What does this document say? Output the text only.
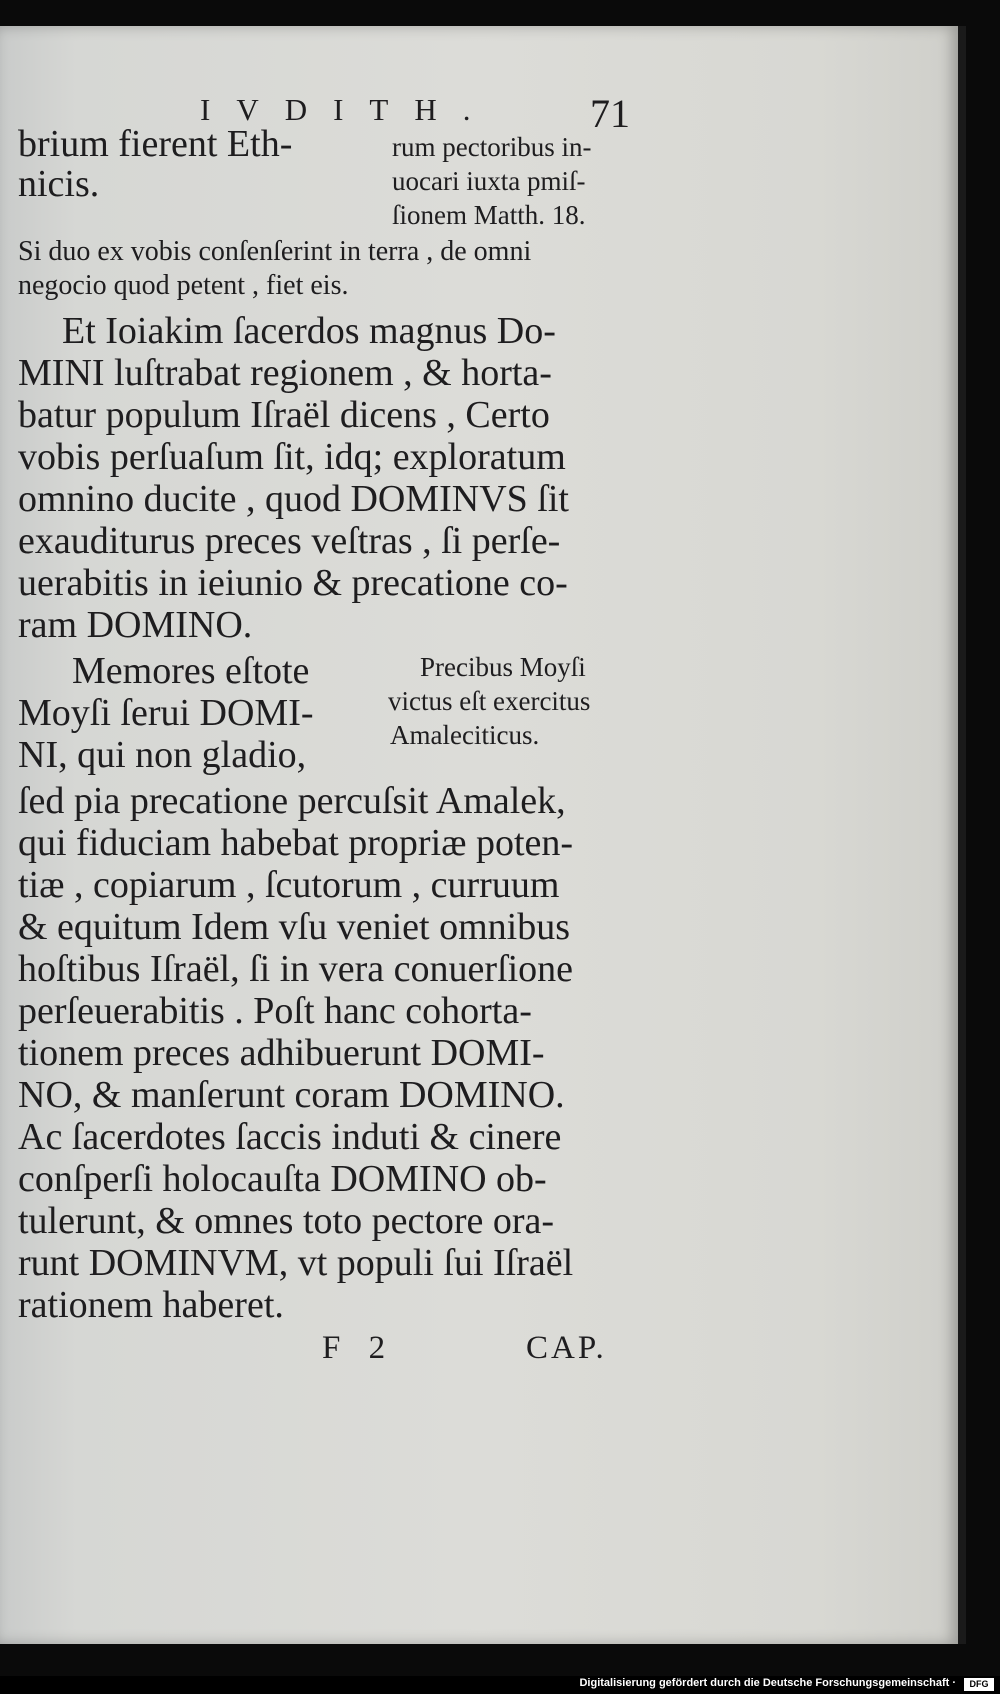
IVDITH. 71
brium fierent Eth-
nicis.
rum pectoribus in-
uocari iuxta pmiſ-
ſionem Matth. 18.
Si duo ex vobis conſenſerint in terra , de omni
negocio quod petent , fiet eis.
Et Ioiakim ſacerdos magnus Do-
MINI luſtrabat regionem , & horta-
batur populum Iſraël dicens , Certo
vobis perſuaſum ſit, idq; exploratum
omnino ducite , quod DOMINVS ſit
exauditurus preces veſtras , ſi perſe-
uerabitis in ieiunio & precatione co-
ram DOMINO.
Memores eſtote
Moyſi ſerui DOMI-
NI, qui non gladio,
Precibus Moyſi
victus eſt exercitus
Amaleciticus.
ſed pia precatione percuſsit Amalek,
qui fiduciam habebat propriæ poten-
tiæ , copiarum , ſcutorum , curruum
& equitum Idem vſu veniet omnibus
hoſtibus Iſraël, ſi in vera conuerſione
perſeuerabitis . Poſt hanc cohorta-
tionem preces adhibuerunt DOMI-
NO, & manſerunt coram DOMINO.
Ac ſacerdotes ſaccis induti & cinere
conſperſi holocauſta DOMINO ob-
tulerunt, & omnes toto pectore ora-
runt DOMINVM, vt populi ſui Iſraël
rationem haberet.
F 2	CAP.
Digitalisierung gefördert durch die Deutsche Forschungsgemeinschaft ·	DFG
